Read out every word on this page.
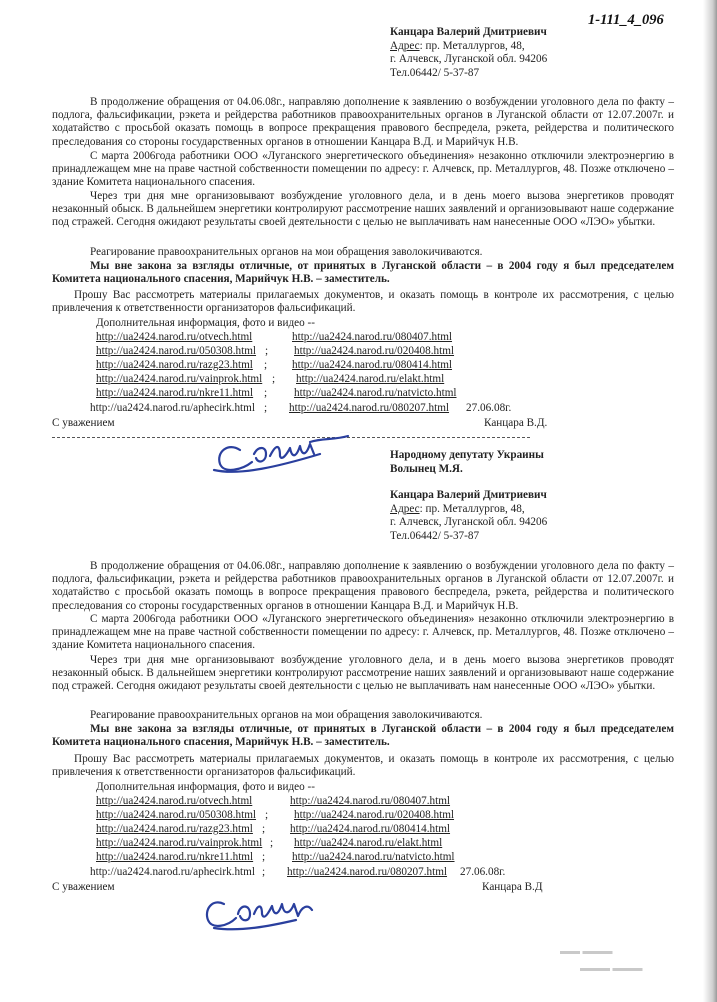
1-111_4_096
Канцара Валерий Дмитриевич
Адрес: пр. Металлургов, 48,
г. Алчевск, Луганской обл. 94206
Тел.06442/ 5-37-87
В продолжение обращения от 04.06.08г., направляю дополнение к заявлению о возбуждении уголовного дела по факту – подлога, фальсификации, рэкета и рейдерства работников правоохранительных органов в Луганской области от 12.07.2007г. и ходатайство с просьбой оказать помощь в вопросе прекращения правового беспредела, рэкета, рейдерства и политического преследования со стороны государственных органов в отношении Канцара В.Д. и Марийчук Н.В.
С марта 2006года работники ООО «Луганского энергетического объединения» незаконно отключили электроэнергию в принадлежащем мне на праве частной собственности помещении по адресу: г. Алчевск, пр. Металлургов, 48. Позже отключено – здание Комитета национального спасения.
Через три дня мне организовывают возбуждение уголовного дела, и в день моего вызова энергетиков проводят незаконный обыск. В дальнейшем энергетики контролируют рассмотрение наших заявлений и организовывают наше содержание под стражей. Сегодня ожидают результаты своей деятельности с целью не выплачивать нам нанесенные ООО «ЛЭО» убытки.
Реагирование правоохранительных органов на мои обращения заволокичиваются.
Мы вне закона за взгляды отличные, от принятых в Луганской области – в 2004 году я был председателем Комитета национального спасения, Марийчук Н.В. – заместитель.
Прошу Вас рассмотреть материалы прилагаемых документов, и оказать помощь в контроле их рассмотрения, с целью привлечения к ответственности организаторов фальсификаций.
Дополнительная информация, фото и видео --
http://ua2424.narod.ru/otvech.html	http://ua2424.narod.ru/080407.html
http://ua2424.narod.ru/050308.html ; http://ua2424.narod.ru/020408.html
http://ua2424.narod.ru/razg23.html ; http://ua2424.narod.ru/080414.html
http://ua2424.narod.ru/vainprok.html ; http://ua2424.narod.ru/elakt.html
http://ua2424.narod.ru/nkre11.html ; http://ua2424.narod.ru/natvicto.html
http://ua2424.narod.ru/aphecirk.html ; http://ua2424.narod.ru/080207.html 27.06.08г.
С уважением	Канцара В.Д.
Народному депутату Украины
Волынец М.Я.
Канцара Валерий Дмитриевич
Адрес: пр. Металлургов, 48,
г. Алчевск, Луганской обл. 94206
Тел.06442/ 5-37-87
В продолжение обращения от 04.06.08г., направляю дополнение к заявлению о возбуждении уголовного дела по факту – подлога, фальсификации, рэкета и рейдерства работников правоохранительных органов в Луганской области от 12.07.2007г. и ходатайство с просьбой оказать помощь в вопросе прекращения правового беспредела, рэкета, рейдерства и политического преследования со стороны государственных органов в отношении Канцара В.Д. и Марийчук Н.В.
С марта 2006года работники ООО «Луганского энергетического объединения» незаконно отключили электроэнергию в принадлежащем мне на праве частной собственности помещении по адресу: г. Алчевск, пр. Металлургов, 48. Позже отключено – здание Комитета национального спасения.
Через три дня мне организовывают возбуждение уголовного дела, и в день моего вызова энергетиков проводят незаконный обыск. В дальнейшем энергетики контролируют рассмотрение наших заявлений и организовывают наше содержание под стражей. Сегодня ожидают результаты своей деятельности с целью не выплачивать нам нанесенные ООО «ЛЭО» убытки.
Реагирование правоохранительных органов на мои обращения заволокичиваются.
Мы вне закона за взгляды отличные, от принятых в Луганской области – в 2004 году я был председателем Комитета национального спасения, Марийчук Н.В. – заместитель.
Прошу Вас рассмотреть материалы прилагаемых документов, и оказать помощь в контроле их рассмотрения, с целью привлечения к ответственности организаторов фальсификаций.
Дополнительная информация, фото и видео --
http://ua2424.narod.ru/otvech.html	http://ua2424.narod.ru/080407.html
http://ua2424.narod.ru/050308.html ; http://ua2424.narod.ru/020408.html
http://ua2424.narod.ru/razg23.html ; http://ua2424.narod.ru/080414.html
http://ua2424.narod.ru/vainprok.html ; http://ua2424.narod.ru/elakt.html
http://ua2424.narod.ru/nkre11.html ; http://ua2424.narod.ru/natvicto.html
http://ua2424.narod.ru/aphecirk.html ; http://ua2424.narod.ru/080207.html 27.06.08г.
С уважением	Канцара В.Д
▬▬ ▬▬▬
▬▬▬ ▬▬▬
